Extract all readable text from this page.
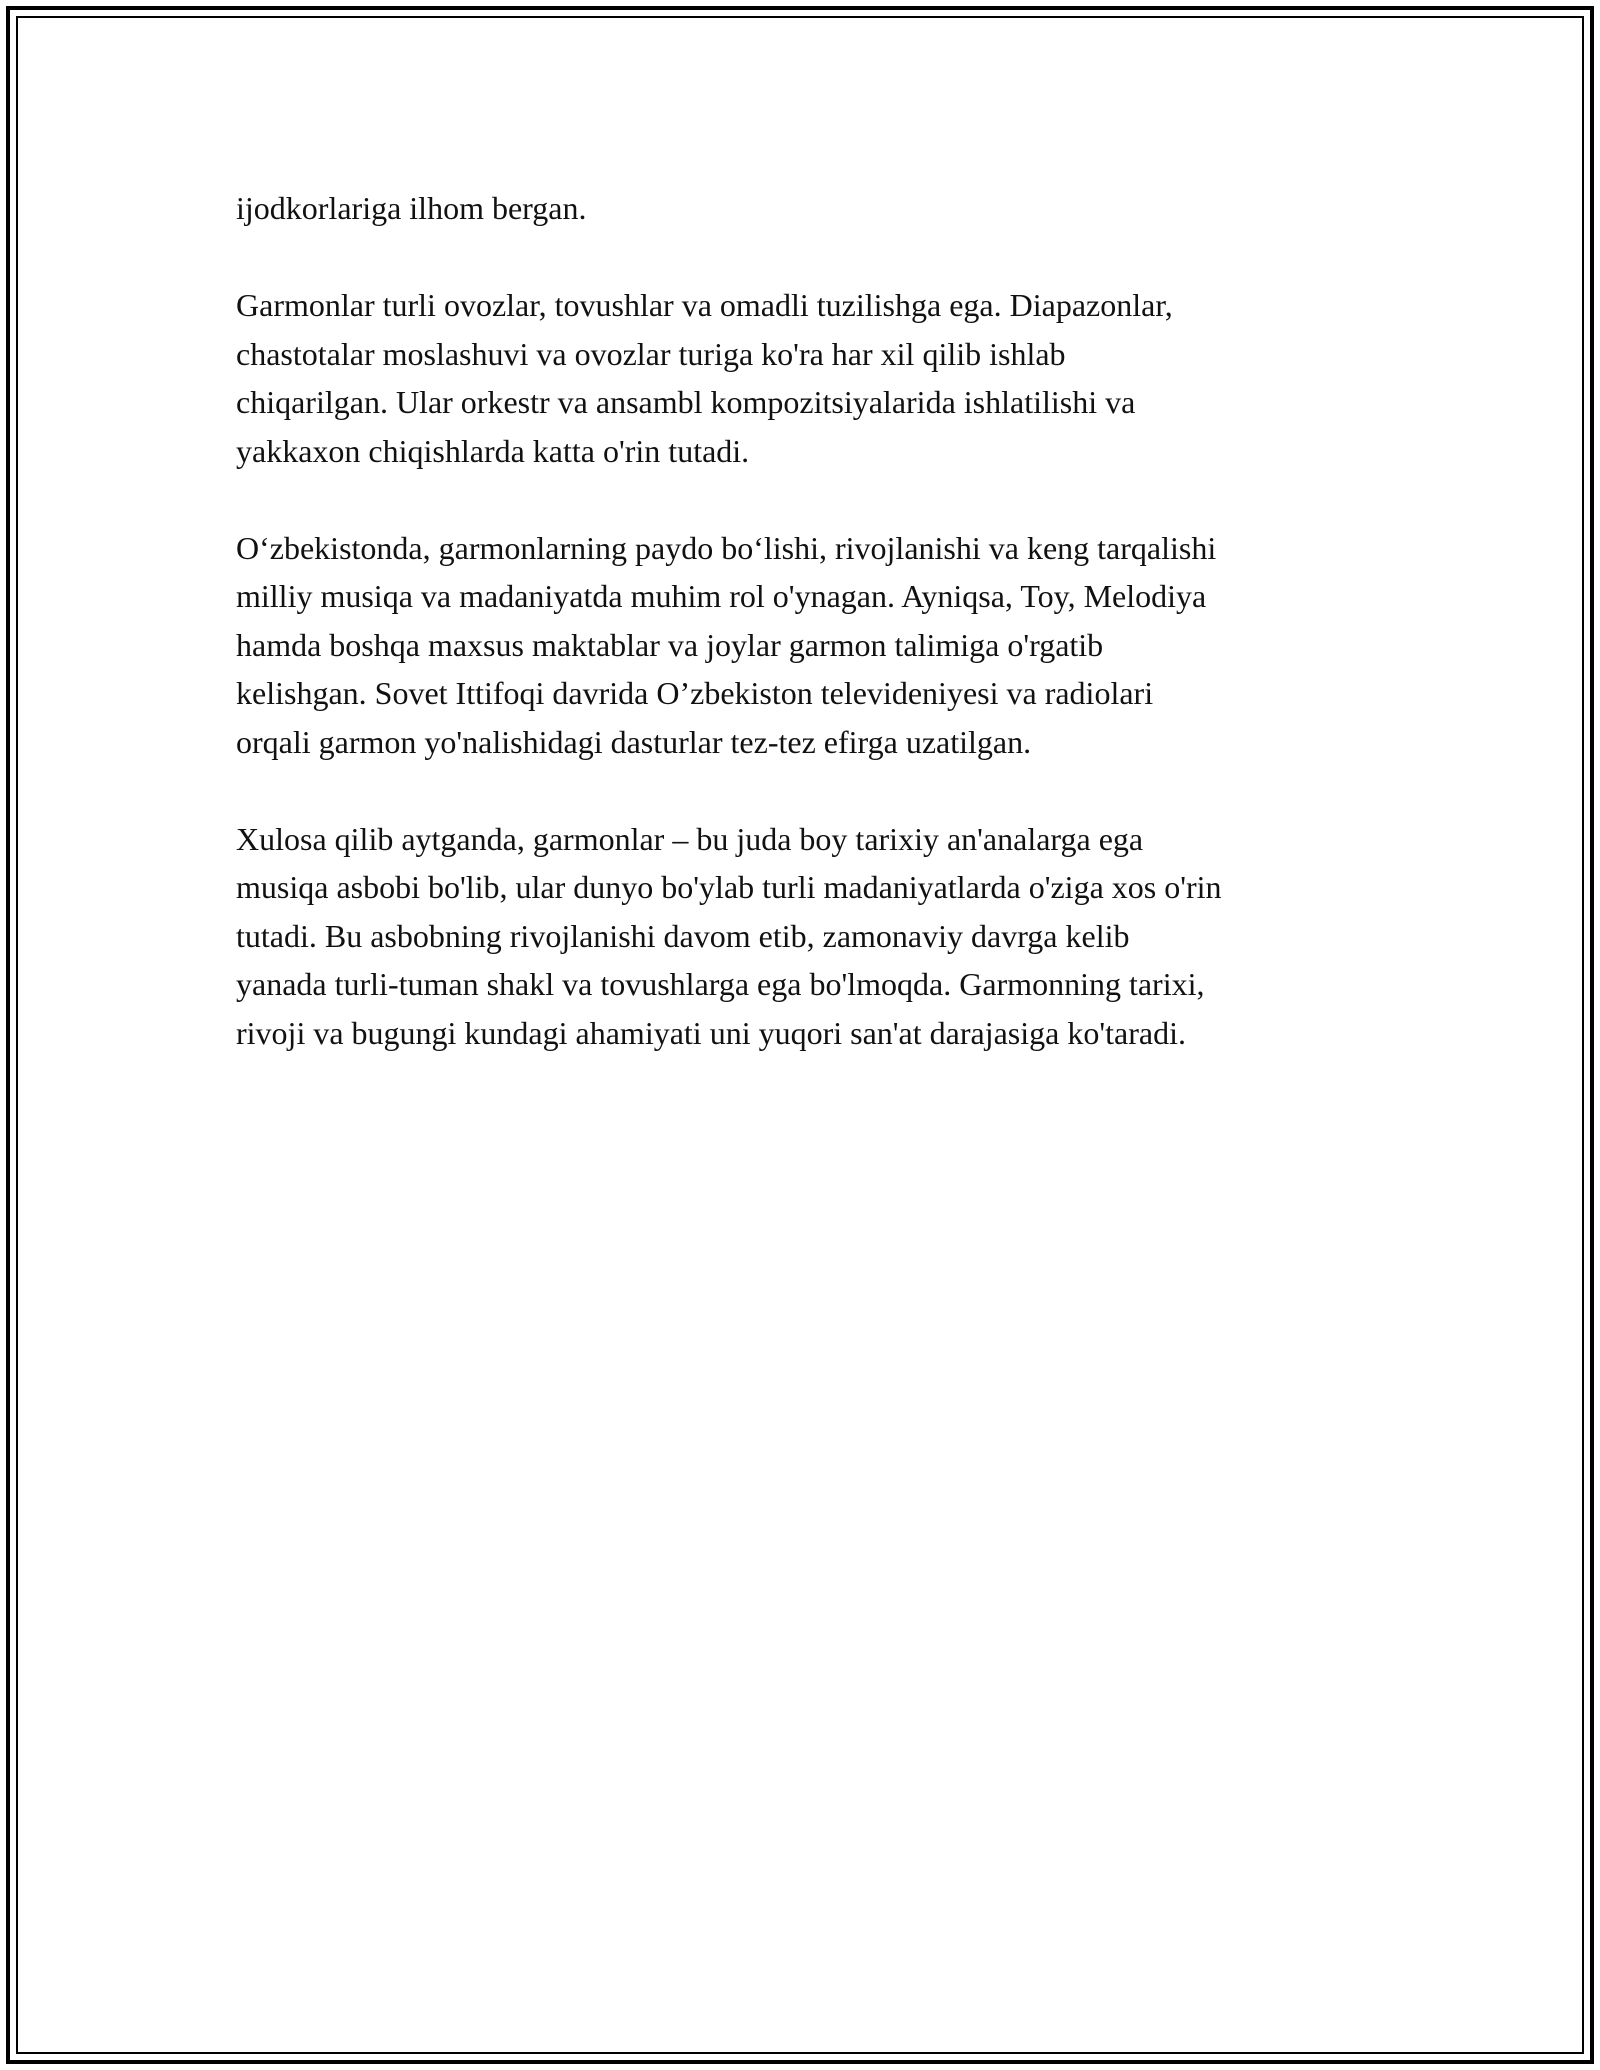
ijodkorlariga ilhom bergan.

Garmonlar turli ovozlar, tovushlar va omadli tuzilishga ega. Diapazonlar,
chastotalar moslashuvi va ovozlar turiga ko'ra har xil qilib ishlab
chiqarilgan. Ular orkestr va ansambl kompozitsiyalarida ishlatilishi va
yakkaxon chiqishlarda katta o'rin tutadi.

O‘zbekistonda, garmonlarning paydo bo‘lishi, rivojlanishi va keng tarqalishi
milliy musiqa va madaniyatda muhim rol o'ynagan. Ayniqsa, Toy, Melodiya
hamda boshqa maxsus maktablar va joylar garmon talimiga o'rgatib
kelishgan. Sovet Ittifoqi davrida O’zbekiston televideniyesi va radiolari
orqali garmon yo'nalishidagi dasturlar tez-tez efirga uzatilgan.

Xulosa qilib aytganda, garmonlar – bu juda boy tarixiy an'analarga ega
musiqa asbobi bo'lib, ular dunyo bo'ylab turli madaniyatlarda o'ziga xos o'rin
tutadi. Bu asbobning rivojlanishi davom etib, zamonaviy davrga kelib
yanada turli-tuman shakl va tovushlarga ega bo'lmoqda. Garmonning tarixi,
rivoji va bugungi kundagi ahamiyati uni yuqori san'at darajasiga ko'taradi.
